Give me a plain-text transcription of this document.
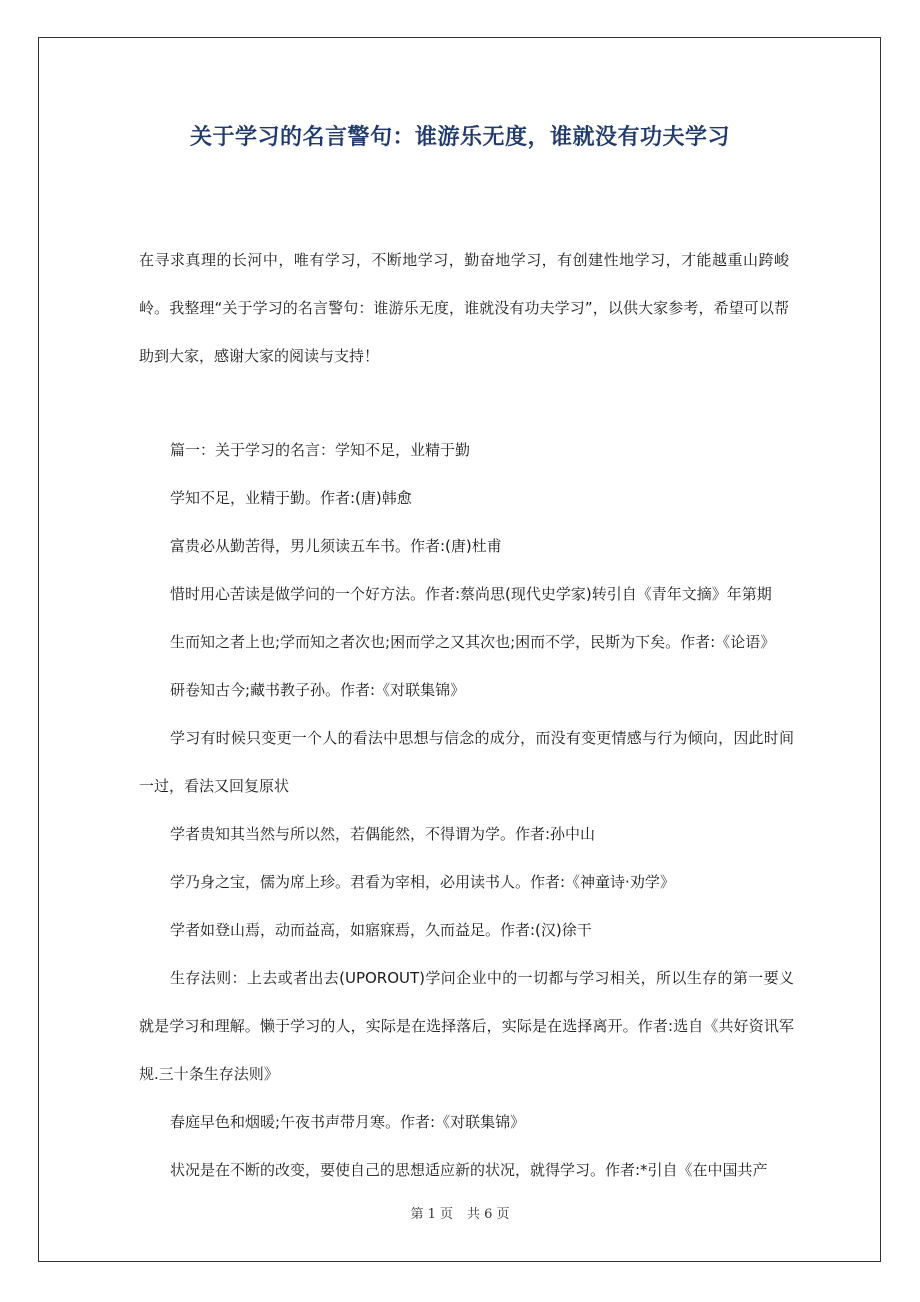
关于学习的名言警句：谁游乐无度，谁就没有功夫学习

在寻求真理的长河中，唯有学习，不断地学习，勤奋地学习，有创建性地学习，才能越重山跨峻岭。我整理“关于学习的名言警句：谁游乐无度，谁就没有功夫学习”，以供大家参考，希望可以帮助到大家，感谢大家的阅读与支持！

篇一：关于学习的名言：学知不足，业精于勤

学知不足，业精于勤。作者:(唐)韩愈

富贵必从勤苦得，男儿须读五车书。作者:(唐)杜甫

惜时用心苦读是做学问的一个好方法。作者:蔡尚思(现代史学家)转引自《青年文摘》年第期

生而知之者上也;学而知之者次也;困而学之又其次也;困而不学，民斯为下矣。作者:《论语》

研卷知古今;藏书教子孙。作者:《对联集锦》

学习有时候只变更一个人的看法中思想与信念的成分，而没有变更情感与行为倾向，因此时间一过，看法又回复原状

学者贵知其当然与所以然，若偶能然，不得谓为学。作者:孙中山

学乃身之宝，儒为席上珍。君看为宰相，必用读书人。作者:《神童诗·劝学》

学者如登山焉，动而益高，如寤寐焉，久而益足。作者:(汉)徐干

生存法则：上去或者出去(UPOROUT)学问企业中的一切都与学习相关，所以生存的第一要义就是学习和理解。懒于学习的人，实际是在选择落后，实际是在选择离开。作者:选自《共好资讯军规.三十条生存法则》

春庭早色和烟暖;午夜书声带月寒。作者:《对联集锦》

状况是在不断的改变，要使自己的思想适应新的状况，就得学习。作者:*引自《在中国共产

第 1 页 共 6 页
